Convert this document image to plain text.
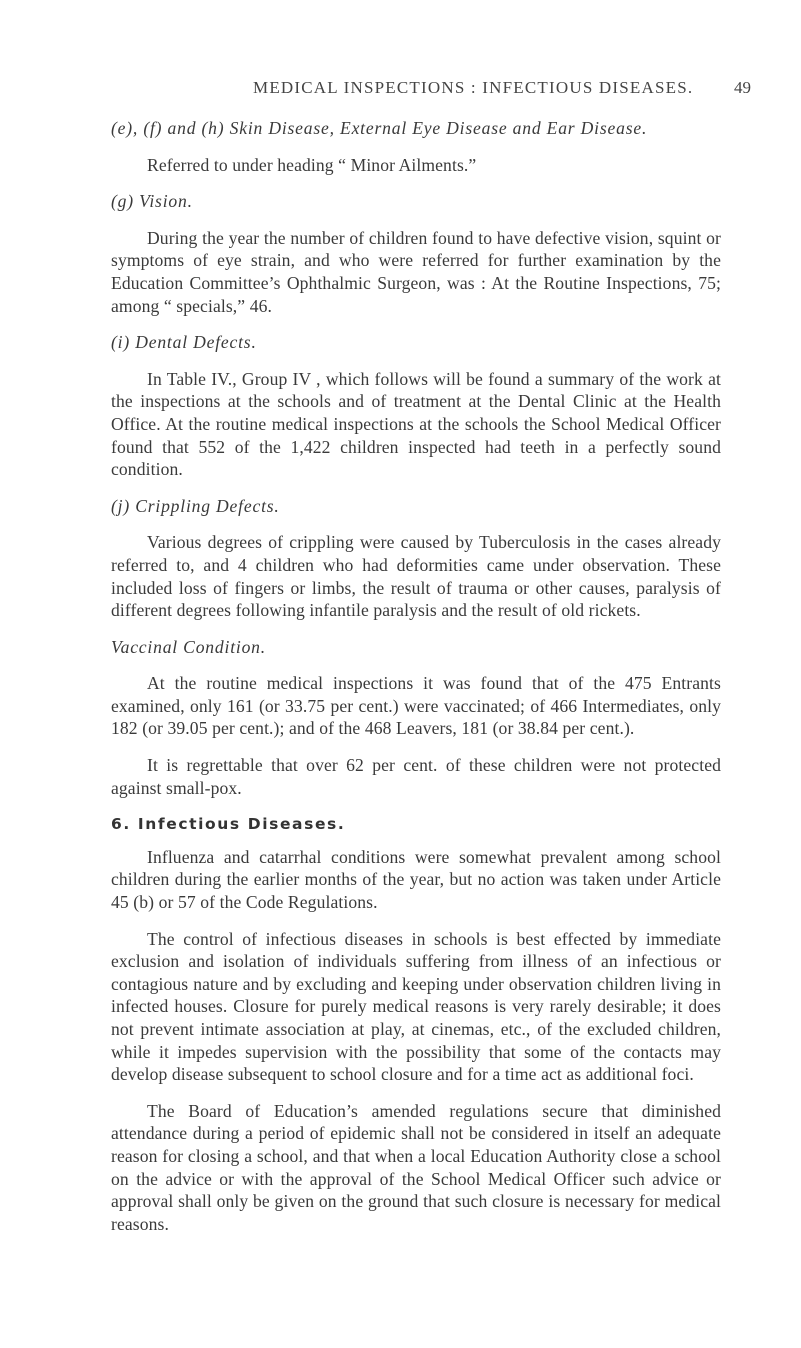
MEDICAL INSPECTIONS : INFECTIOUS DISEASES. 49

(e), (f) and (h) Skin Disease, External Eye Disease and Ear Disease.

Referred to under heading “ Minor Ailments.”

(g) Vision.

During the year the number of children found to have defective vision, squint or symptoms of eye strain, and who were referred for further examination by the Education Committee’s Ophthalmic Surgeon, was : At the Routine Inspections, 75; among “ specials,” 46.

(i) Dental Defects.

In Table IV., Group IV , which follows will be found a summary of the work at the inspections at the schools and of treatment at the Dental Clinic at the Health Office. At the routine medical inspections at the schools the School Medical Officer found that 552 of the 1,422 children inspected had teeth in a perfectly sound condition.

(j) Crippling Defects.

Various degrees of crippling were caused by Tuberculosis in the cases already referred to, and 4 children who had deformities came under observation. These included loss of fingers or limbs, the result of trauma or other causes, paralysis of different degrees following infantile paralysis and the result of old rickets.

Vaccinal Condition.

At the routine medical inspections it was found that of the 475 Entrants examined, only 161 (or 33.75 per cent.) were vaccinated; of 466 Intermediates, only 182 (or 39.05 per cent.); and of the 468 Leavers, 181 (or 38.84 per cent.).

It is regrettable that over 62 per cent. of these children were not protected against small-pox.

6. Infectious Diseases.

Influenza and catarrhal conditions were somewhat prevalent among school children during the earlier months of the year, but no action was taken under Article 45 (b) or 57 of the Code Regulations.

The control of infectious diseases in schools is best effected by immediate exclusion and isolation of individuals suffering from illness of an infectious or contagious nature and by excluding and keeping under observation children living in infected houses. Closure for purely medical reasons is very rarely desirable; it does not prevent intimate association at play, at cinemas, etc., of the excluded children, while it impedes supervision with the possibility that some of the contacts may develop disease subsequent to school closure and for a time act as additional foci.

The Board of Education’s amended regulations secure that diminished attendance during a period of epidemic shall not be considered in itself an adequate reason for closing a school, and that when a local Education Authority close a school on the advice or with the approval of the School Medical Officer such advice or approval shall only be given on the ground that such closure is necessary for medical reasons.
